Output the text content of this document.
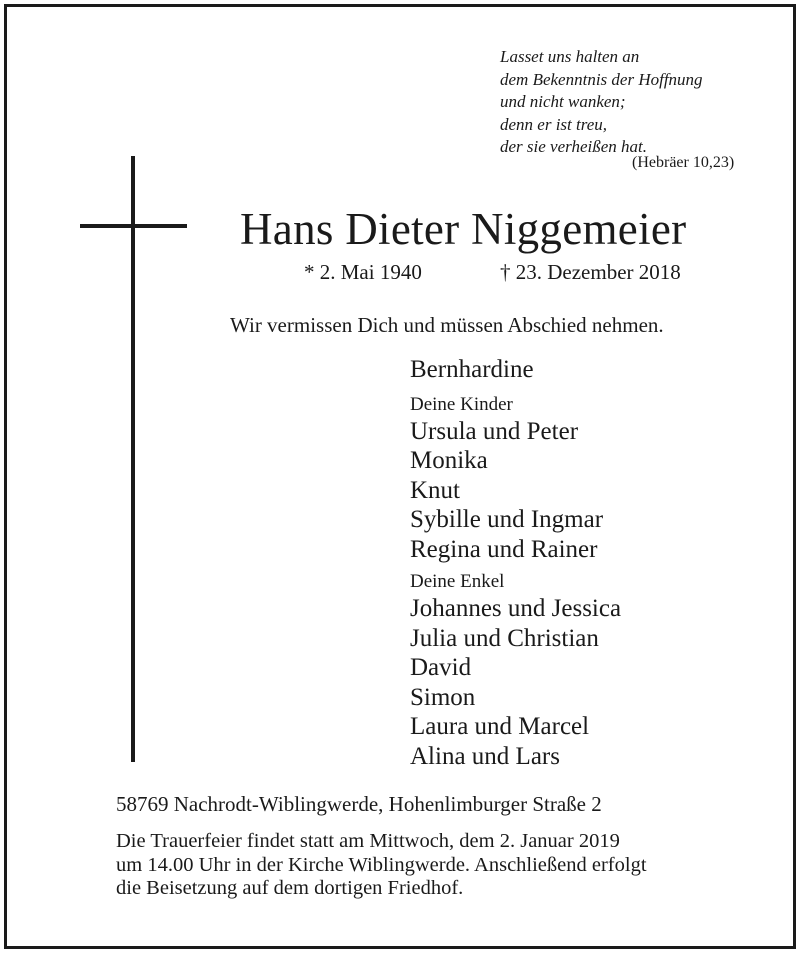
Lasset uns halten an
dem Bekenntnis der Hoffnung
und nicht wanken;
denn er ist treu,
der sie verheißen hat.
(Hebräer 10,23)
Hans Dieter Niggemeier
* 2. Mai 1940	† 23. Dezember 2018
Wir vermissen Dich und müssen Abschied nehmen.
Bernhardine
Deine Kinder
Ursula und Peter
Monika
Knut
Sybille und Ingmar
Regina und Rainer
Deine Enkel
Johannes und Jessica
Julia und Christian
David
Simon
Laura und Marcel
Alina und Lars
58769 Nachrodt-Wiblingwerde, Hohenlimburger Straße 2
Die Trauerfeier findet statt am Mittwoch, dem 2. Januar 2019
um 14.00 Uhr in der Kirche Wiblingwerde. Anschließend erfolgt
die Beisetzung auf dem dortigen Friedhof.
